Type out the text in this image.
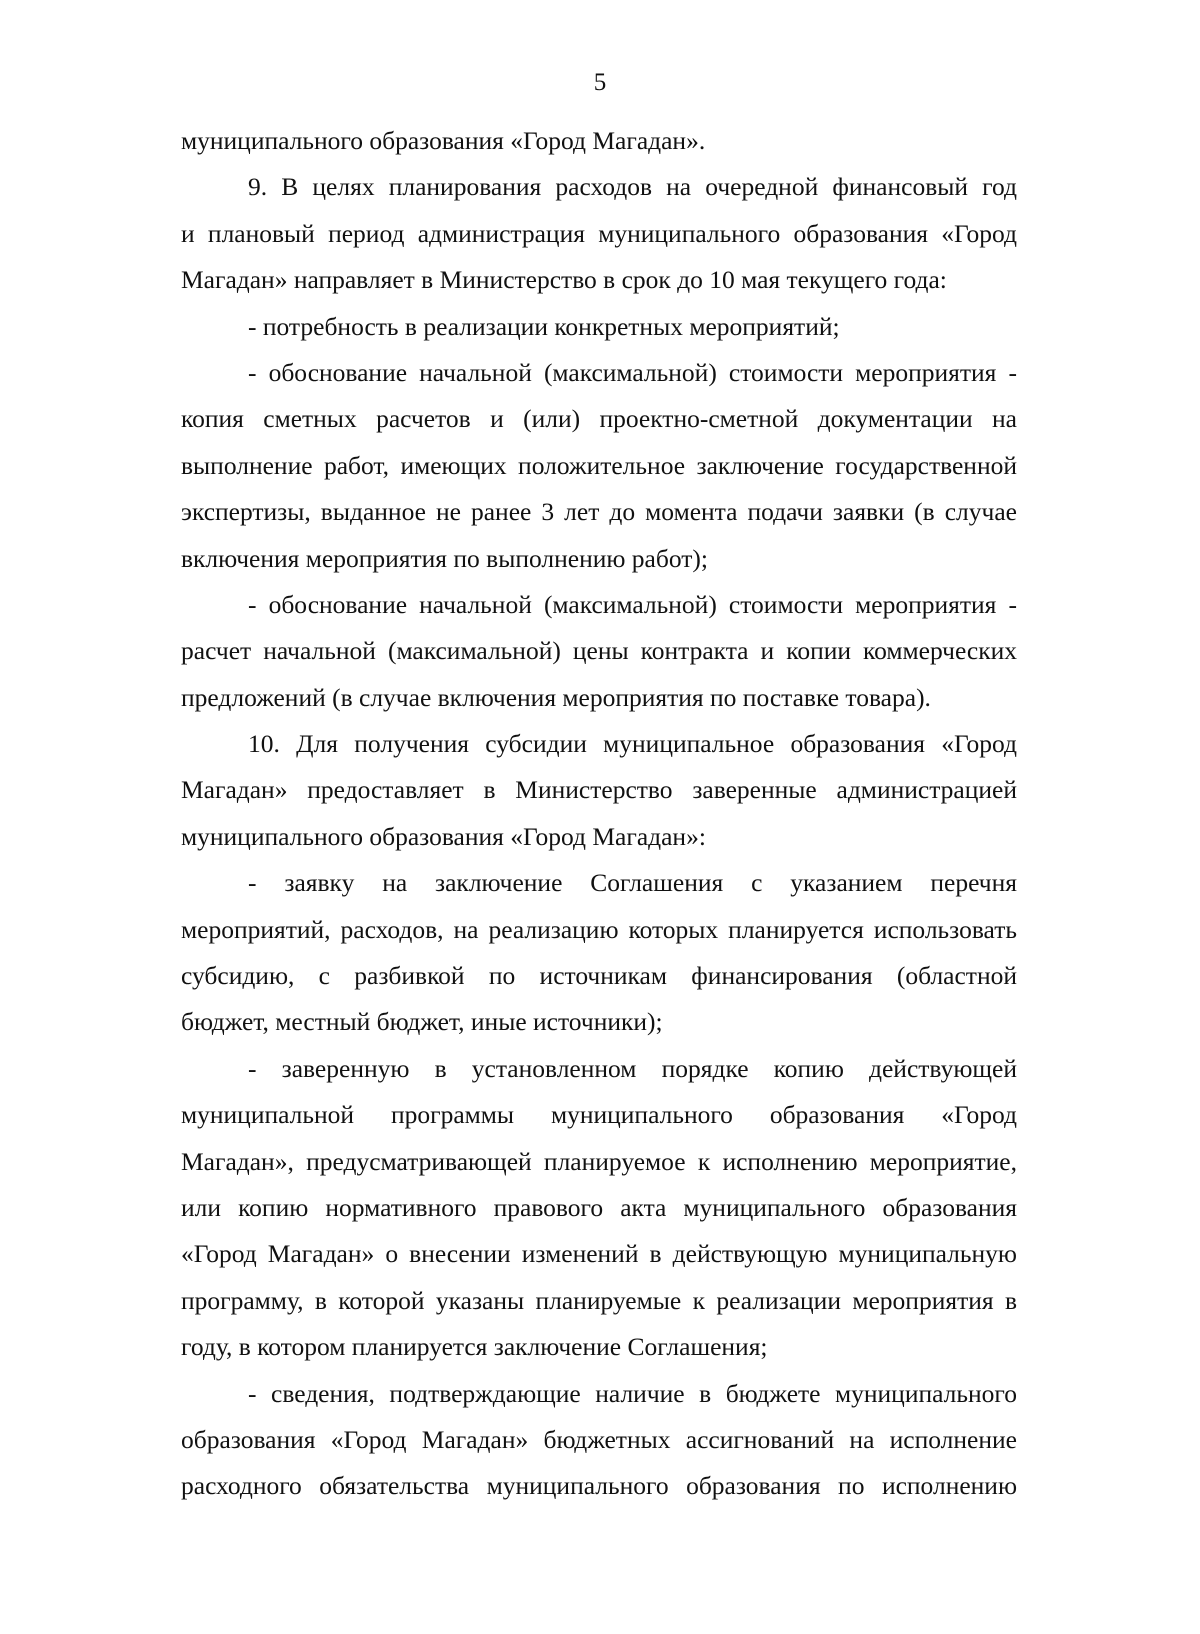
5
муниципального образования «Город Магадан».
9. В целях планирования расходов на очередной финансовый год
и плановый период администрация муниципального образования «Город
Магадан» направляет в Министерство в срок до 10 мая текущего года:
- потребность в реализации конкретных мероприятий;
- обоснование начальной (максимальной) стоимости мероприятия -
копия сметных расчетов и (или) проектно-сметной документации на
выполнение работ, имеющих положительное заключение государственной
экспертизы, выданное не ранее 3 лет до момента подачи заявки (в случае
включения мероприятия по выполнению работ);
- обоснование начальной (максимальной) стоимости мероприятия -
расчет начальной (максимальной) цены контракта и копии коммерческих
предложений (в случае включения мероприятия по поставке товара).
10. Для получения субсидии муниципальное образования «Город
Магадан» предоставляет в Министерство заверенные администрацией
муниципального образования «Город Магадан»:
- заявку на заключение Соглашения с указанием перечня
мероприятий, расходов, на реализацию которых планируется использовать
субсидию, с разбивкой по источникам финансирования (областной
бюджет, местный бюджет, иные источники);
- заверенную в установленном порядке копию действующей
муниципальной программы муниципального образования «Город
Магадан», предусматривающей планируемое к исполнению мероприятие,
или копию нормативного правового акта муниципального образования
«Город Магадан» о внесении изменений в действующую муниципальную
программу, в которой указаны планируемые к реализации мероприятия в
году, в котором планируется заключение Соглашения;
- сведения, подтверждающие наличие в бюджете муниципального
образования «Город Магадан» бюджетных ассигнований на исполнение
расходного обязательства муниципального образования по исполнению
